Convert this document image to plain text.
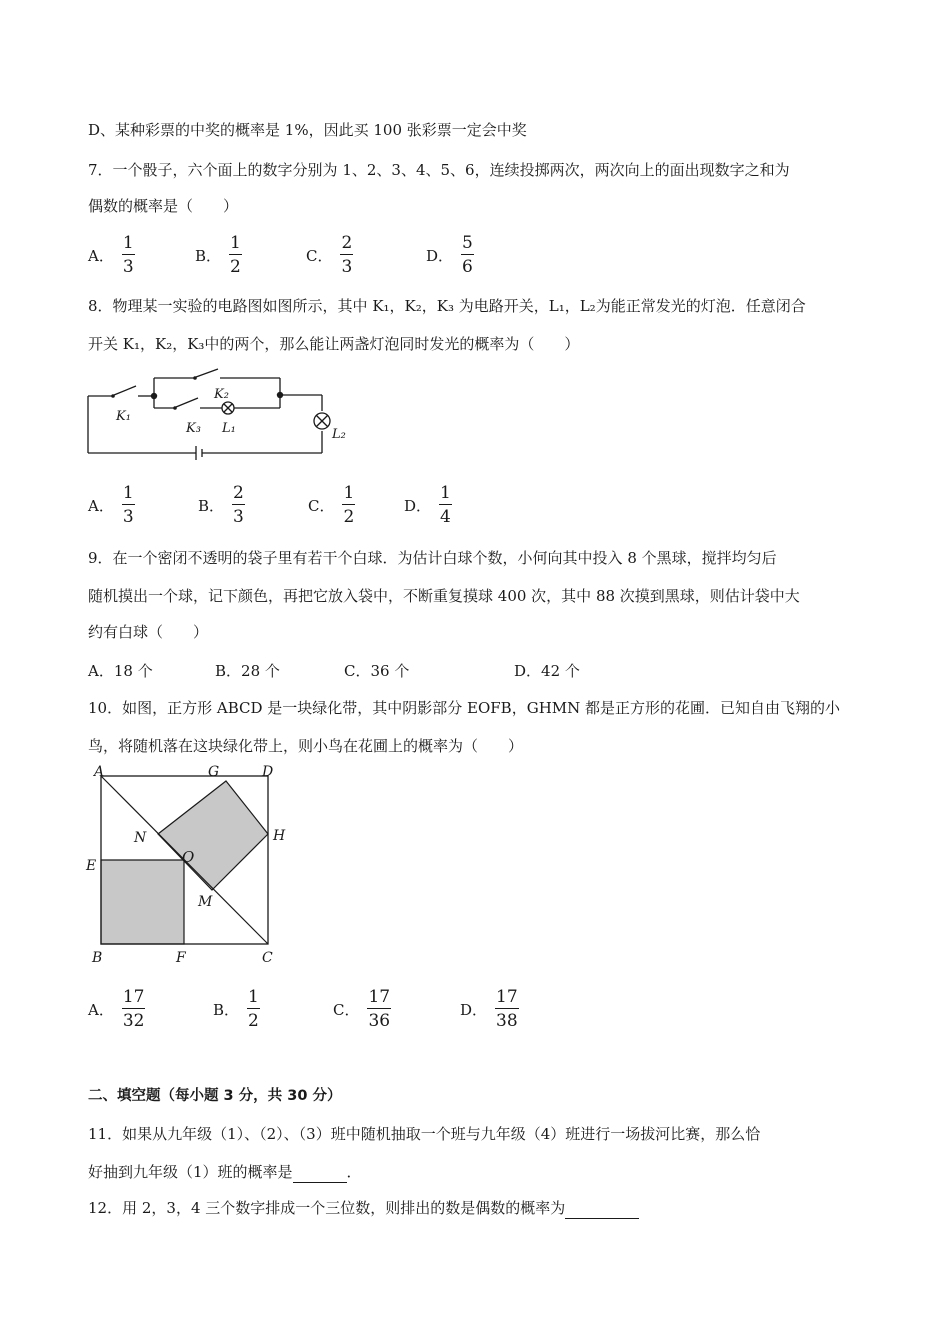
D、某种彩票的中奖的概率是 1%，因此买 100 张彩票一定会中奖
7．一个骰子，六个面上的数字分别为 1、2、3、4、5、6，连续投掷两次，两次向上的面出现数字之和为
偶数的概率是（　　）
A． $\frac{1}{3}$	B． $\frac{1}{2}$	C． $\frac{2}{3}$	D． $\frac{5}{6}$
8．物理某一实验的电路图如图所示，其中 K₁，K₂，K₃ 为电路开关，L₁，L₂为能正常发光的灯泡．任意闭合
开关 K₁，K₂，K₃中的两个，那么能让两盏灯泡同时发光的概率为（　　）
K₁
K₂
K₃ L₁	L₂
A． $\frac{1}{3}$	B． $\frac{2}{3}$	C． $\frac{1}{2}$	D． $\frac{1}{4}$
9．在一个密闭不透明的袋子里有若干个白球．为估计白球个数，小何向其中投入 8 个黑球，搅拌均匀后
随机摸出一个球，记下颜色，再把它放入袋中，不断重复摸球 400 次，其中 88 次摸到黑球，则估计袋中大
约有白球（　　）
A．18 个	B．28 个	C．36 个	D．42 个
10．如图，正方形 ABCD 是一块绿化带，其中阴影部分 EOFB，GHMN 都是正方形的花圃．已知自由飞翔的小
鸟，将随机落在这块绿化带上，则小鸟在花圃上的概率为（　　）
A	G	D
N	H
O
E
M
B	F	C
A． $\frac{17}{32}$	B． $\frac{1}{2}$	C． $\frac{17}{36}$	D． $\frac{17}{38}$
二、填空题（每小题 3 分，共 30 分）
11．如果从九年级（1）、（2）、（3）班中随机抽取一个班与九年级（4）班进行一场拔河比赛，那么恰
好抽到九年级（1）班的概率是	．
12．用 2，3，4 三个数字排成一个三位数，则排出的数是偶数的概率为
